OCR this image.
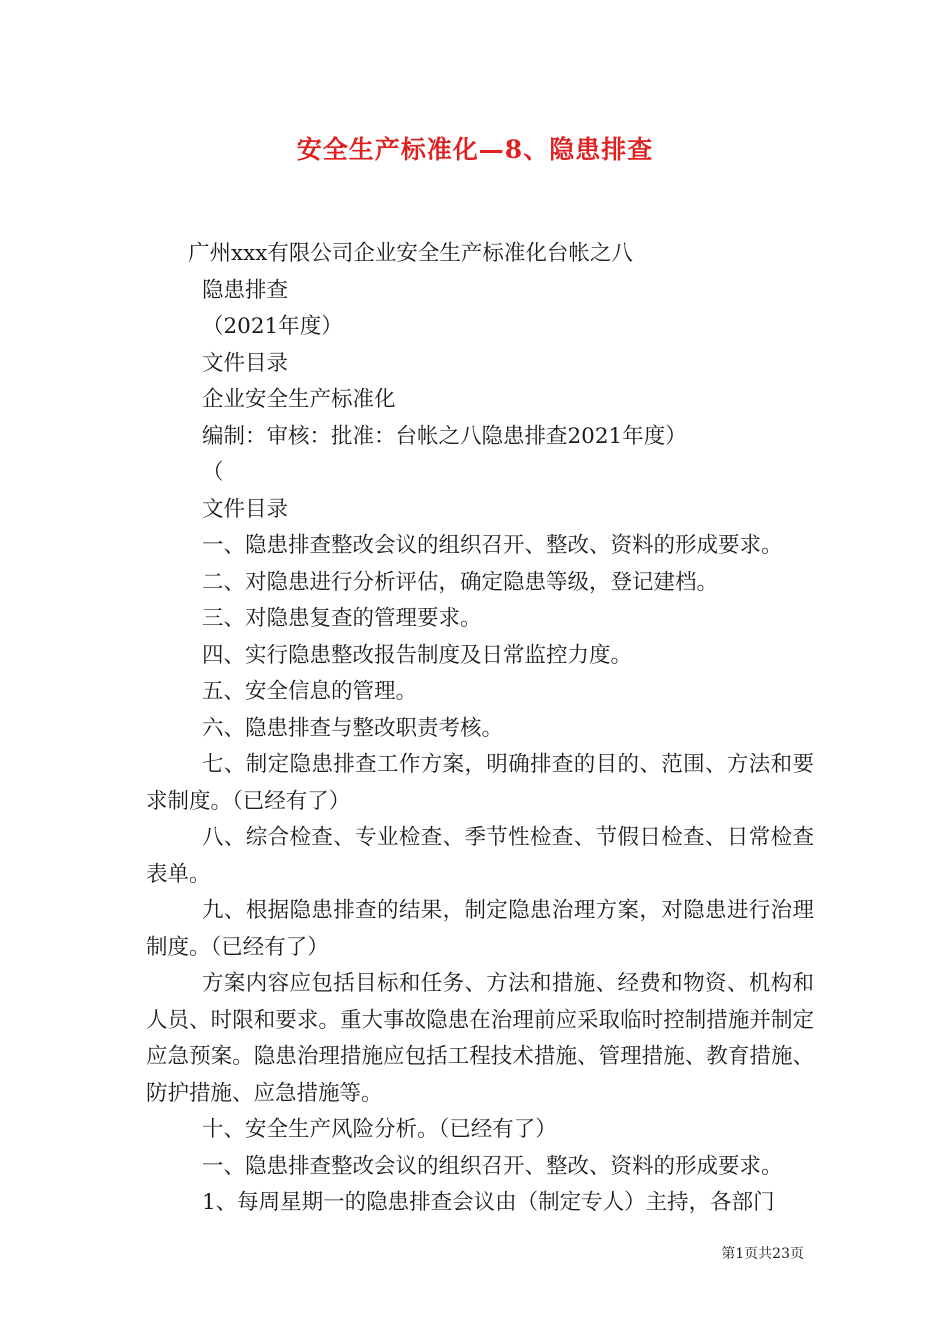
安全生产标准化—8、隐患排查
广州xxx有限公司企业安全生产标准化台帐之八
隐患排查
（2021年度）
文件目录
企业安全生产标准化
编制：审核：批准：台帐之八隐患排查2021年度）
（
文件目录
一、隐患排查整改会议的组织召开、整改、资料的形成要求。
二、对隐患进行分析评估，确定隐患等级，登记建档。
三、对隐患复查的管理要求。
四、实行隐患整改报告制度及日常监控力度。
五、安全信息的管理。
六、隐患排查与整改职责考核。
七、制定隐患排查工作方案，明确排查的目的、范围、方法和要求制度。（已经有了）
八、综合检查、专业检查、季节性检查、节假日检查、日常检查表单。
九、根据隐患排查的结果，制定隐患治理方案，对隐患进行治理制度。（已经有了）
方案内容应包括目标和任务、方法和措施、经费和物资、机构和人员、时限和要求。重大事故隐患在治理前应采取临时控制措施并制定应急预案。隐患治理措施应包括工程技术措施、管理措施、教育措施、防护措施、应急措施等。
十、安全生产风险分析。（已经有了）
一、隐患排查整改会议的组织召开、整改、资料的形成要求。
1、每周星期一的隐患排查会议由（制定专人）主持，各部门
第1页共23页
